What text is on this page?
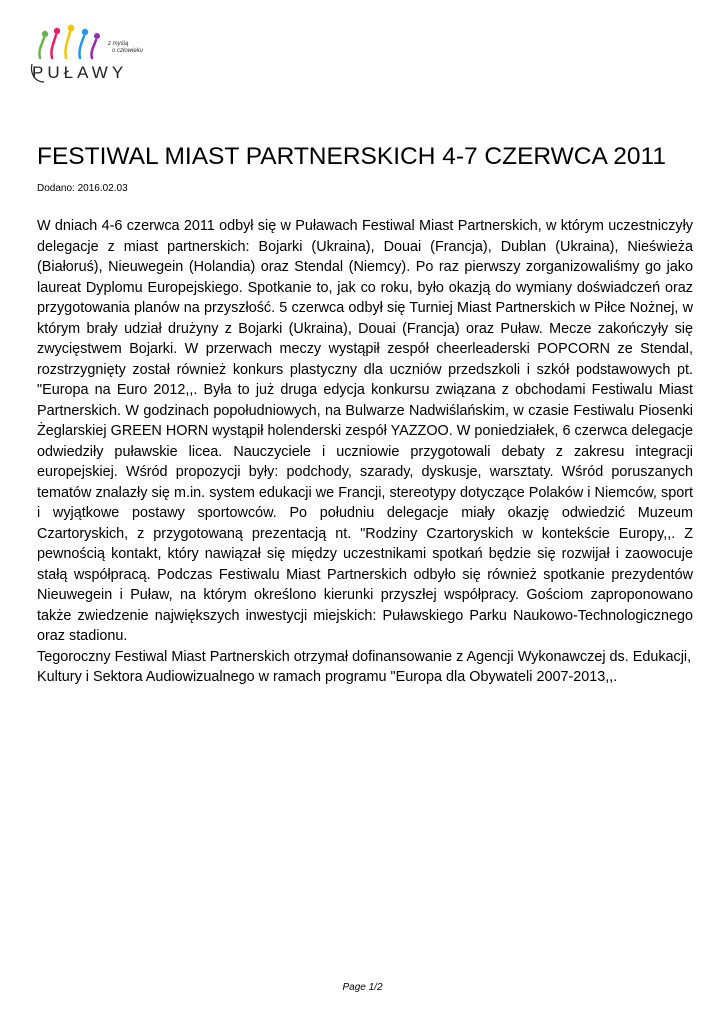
z myślą
o człowieku
PUŁAWY
FESTIWAL MIAST PARTNERSKICH 4-7 CZERWCA 2011
Dodano: 2016.02.03

W dniach 4-6 czerwca 2011 odbył się w Puławach Festiwal Miast Partnerskich, w którym uczestniczyły delegacje z miast partnerskich: Bojarki (Ukraina), Douai (Francja), Dublan (Ukraina), Nieświeża (Białoruś), Nieuwegein (Holandia) oraz Stendal (Niemcy). Po raz pierwszy zorganizowaliśmy go jako laureat Dyplomu Europejskiego. Spotkanie to, jak co roku, było okazją do wymiany doświadczeń oraz przygotowania planów na przyszłość. 5 czerwca odbył się Turniej Miast Partnerskich w Piłce Nożnej, w którym brały udział drużyny z Bojarki (Ukraina), Douai (Francja) oraz Puław. Mecze zakończyły się zwycięstwem Bojarki. W przerwach meczy wystąpił zespół cheerleaderski POPCORN ze Stendal, rozstrzygnięty został również konkurs plastyczny dla uczniów przedszkoli i szkół podstawowych pt. "Europa na Euro 2012,,. Była to już druga edycja konkursu związana z obchodami Festiwalu Miast Partnerskich. W godzinach popołudniowych, na Bulwarze Nadwiślańskim, w czasie Festiwalu Piosenki Żeglarskiej GREEN HORN wystąpił holenderski zespół YAZZOO. W poniedziałek, 6 czerwca delegacje odwiedziły puławskie licea. Nauczyciele i uczniowie przygotowali debaty z zakresu integracji europejskiej. Wśród propozycji były: podchody, szarady, dyskusje, warsztaty. Wśród poruszanych tematów znalazły się m.in. system edukacji we Francji, stereotypy dotyczące Polaków i Niemców, sport i wyjątkowe postawy sportowców. Po południu delegacje miały okazję odwiedzić Muzeum Czartoryskich, z przygotowaną prezentacją nt. "Rodziny Czartoryskich w kontekście Europy,,. Z pewnością kontakt, który nawiązał się między uczestnikami spotkań będzie się rozwijał i zaowocuje stałą współpracą. Podczas Festiwalu Miast Partnerskich odbyło się również spotkanie prezydentów Nieuwegein i Puław, na którym określono kierunki przyszłej współpracy. Gościom zaproponowano także zwiedzenie największych inwestycji miejskich: Puławskiego Parku Naukowo-Technologicznego oraz stadionu.

Tegoroczny Festiwal Miast Partnerskich otrzymał dofinansowanie z Agencji Wykonawczej ds. Edukacji, Kultury i Sektora Audiowizualnego w ramach programu "Europa dla Obywateli 2007-2013,,.

Page 1/2
